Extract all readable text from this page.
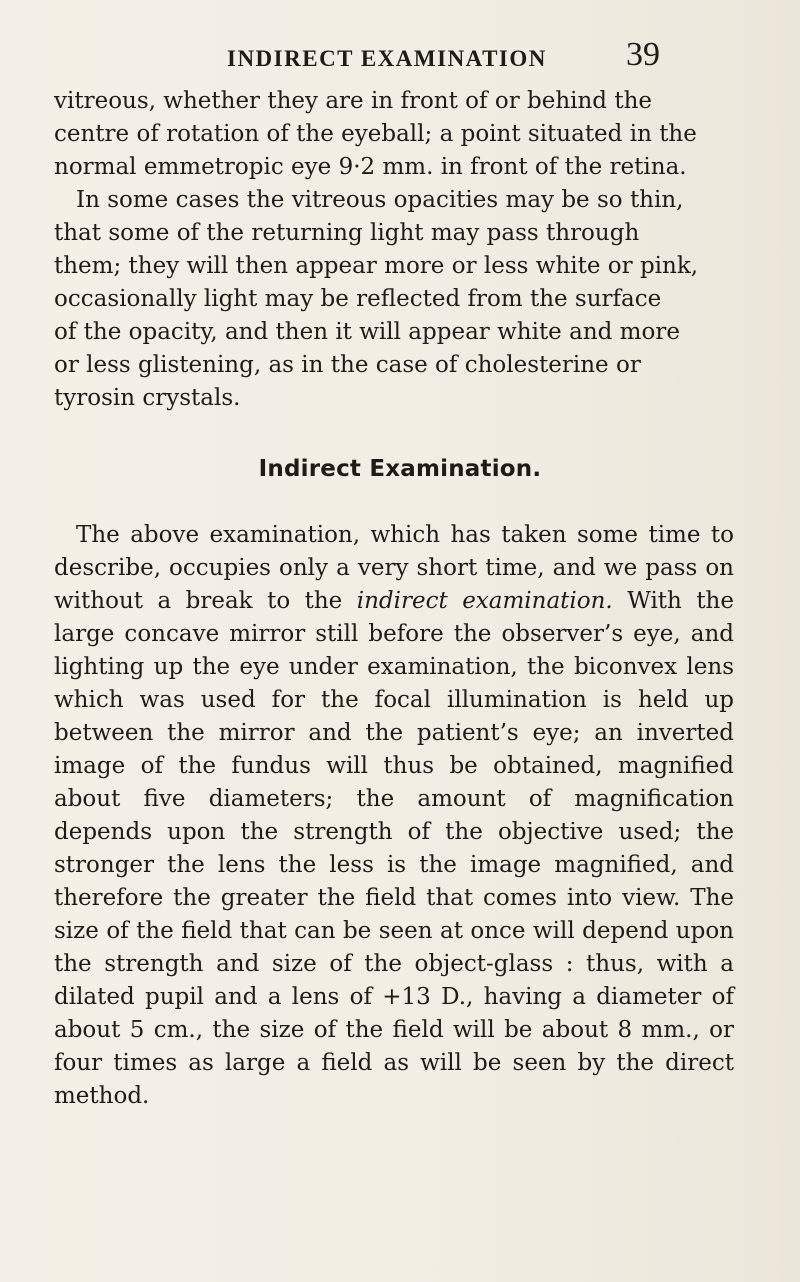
INDIRECT EXAMINATION 39
vitreous, whether they are in front of or behind the
centre of rotation of the eyeball; a point situated in the
normal emmetropic eye 9·2 mm. in front of the retina.
In some cases the vitreous opacities may be so thin,
that some of the returning light may pass through
them; they will then appear more or less white or pink,
occasionally light may be reflected from the surface
of the opacity, and then it will appear white and more
or less glistening, as in the case of cholesterine or
tyrosin crystals.
Indirect Examination.

The above examination, which has taken some time to describe, occupies only a very short time, and we pass on without a break to the indirect examination. With the large concave mirror still before the observer’s eye, and lighting up the eye under examination, the biconvex lens which was used for the focal illumination is held up between the mirror and the patient’s eye; an inverted image of the fundus will thus be obtained, magnified about five diameters; the amount of magnification depends upon the strength of the objective used; the stronger the lens the less is the image magnified, and therefore the greater the field that comes into view. The size of the field that can be seen at once will depend upon the strength and size of the object-glass : thus, with a dilated pupil and a lens of +13 D., having a diameter of about 5 cm., the size of the field will be about 8 mm., or four times as large a field as will be seen by the direct method.
